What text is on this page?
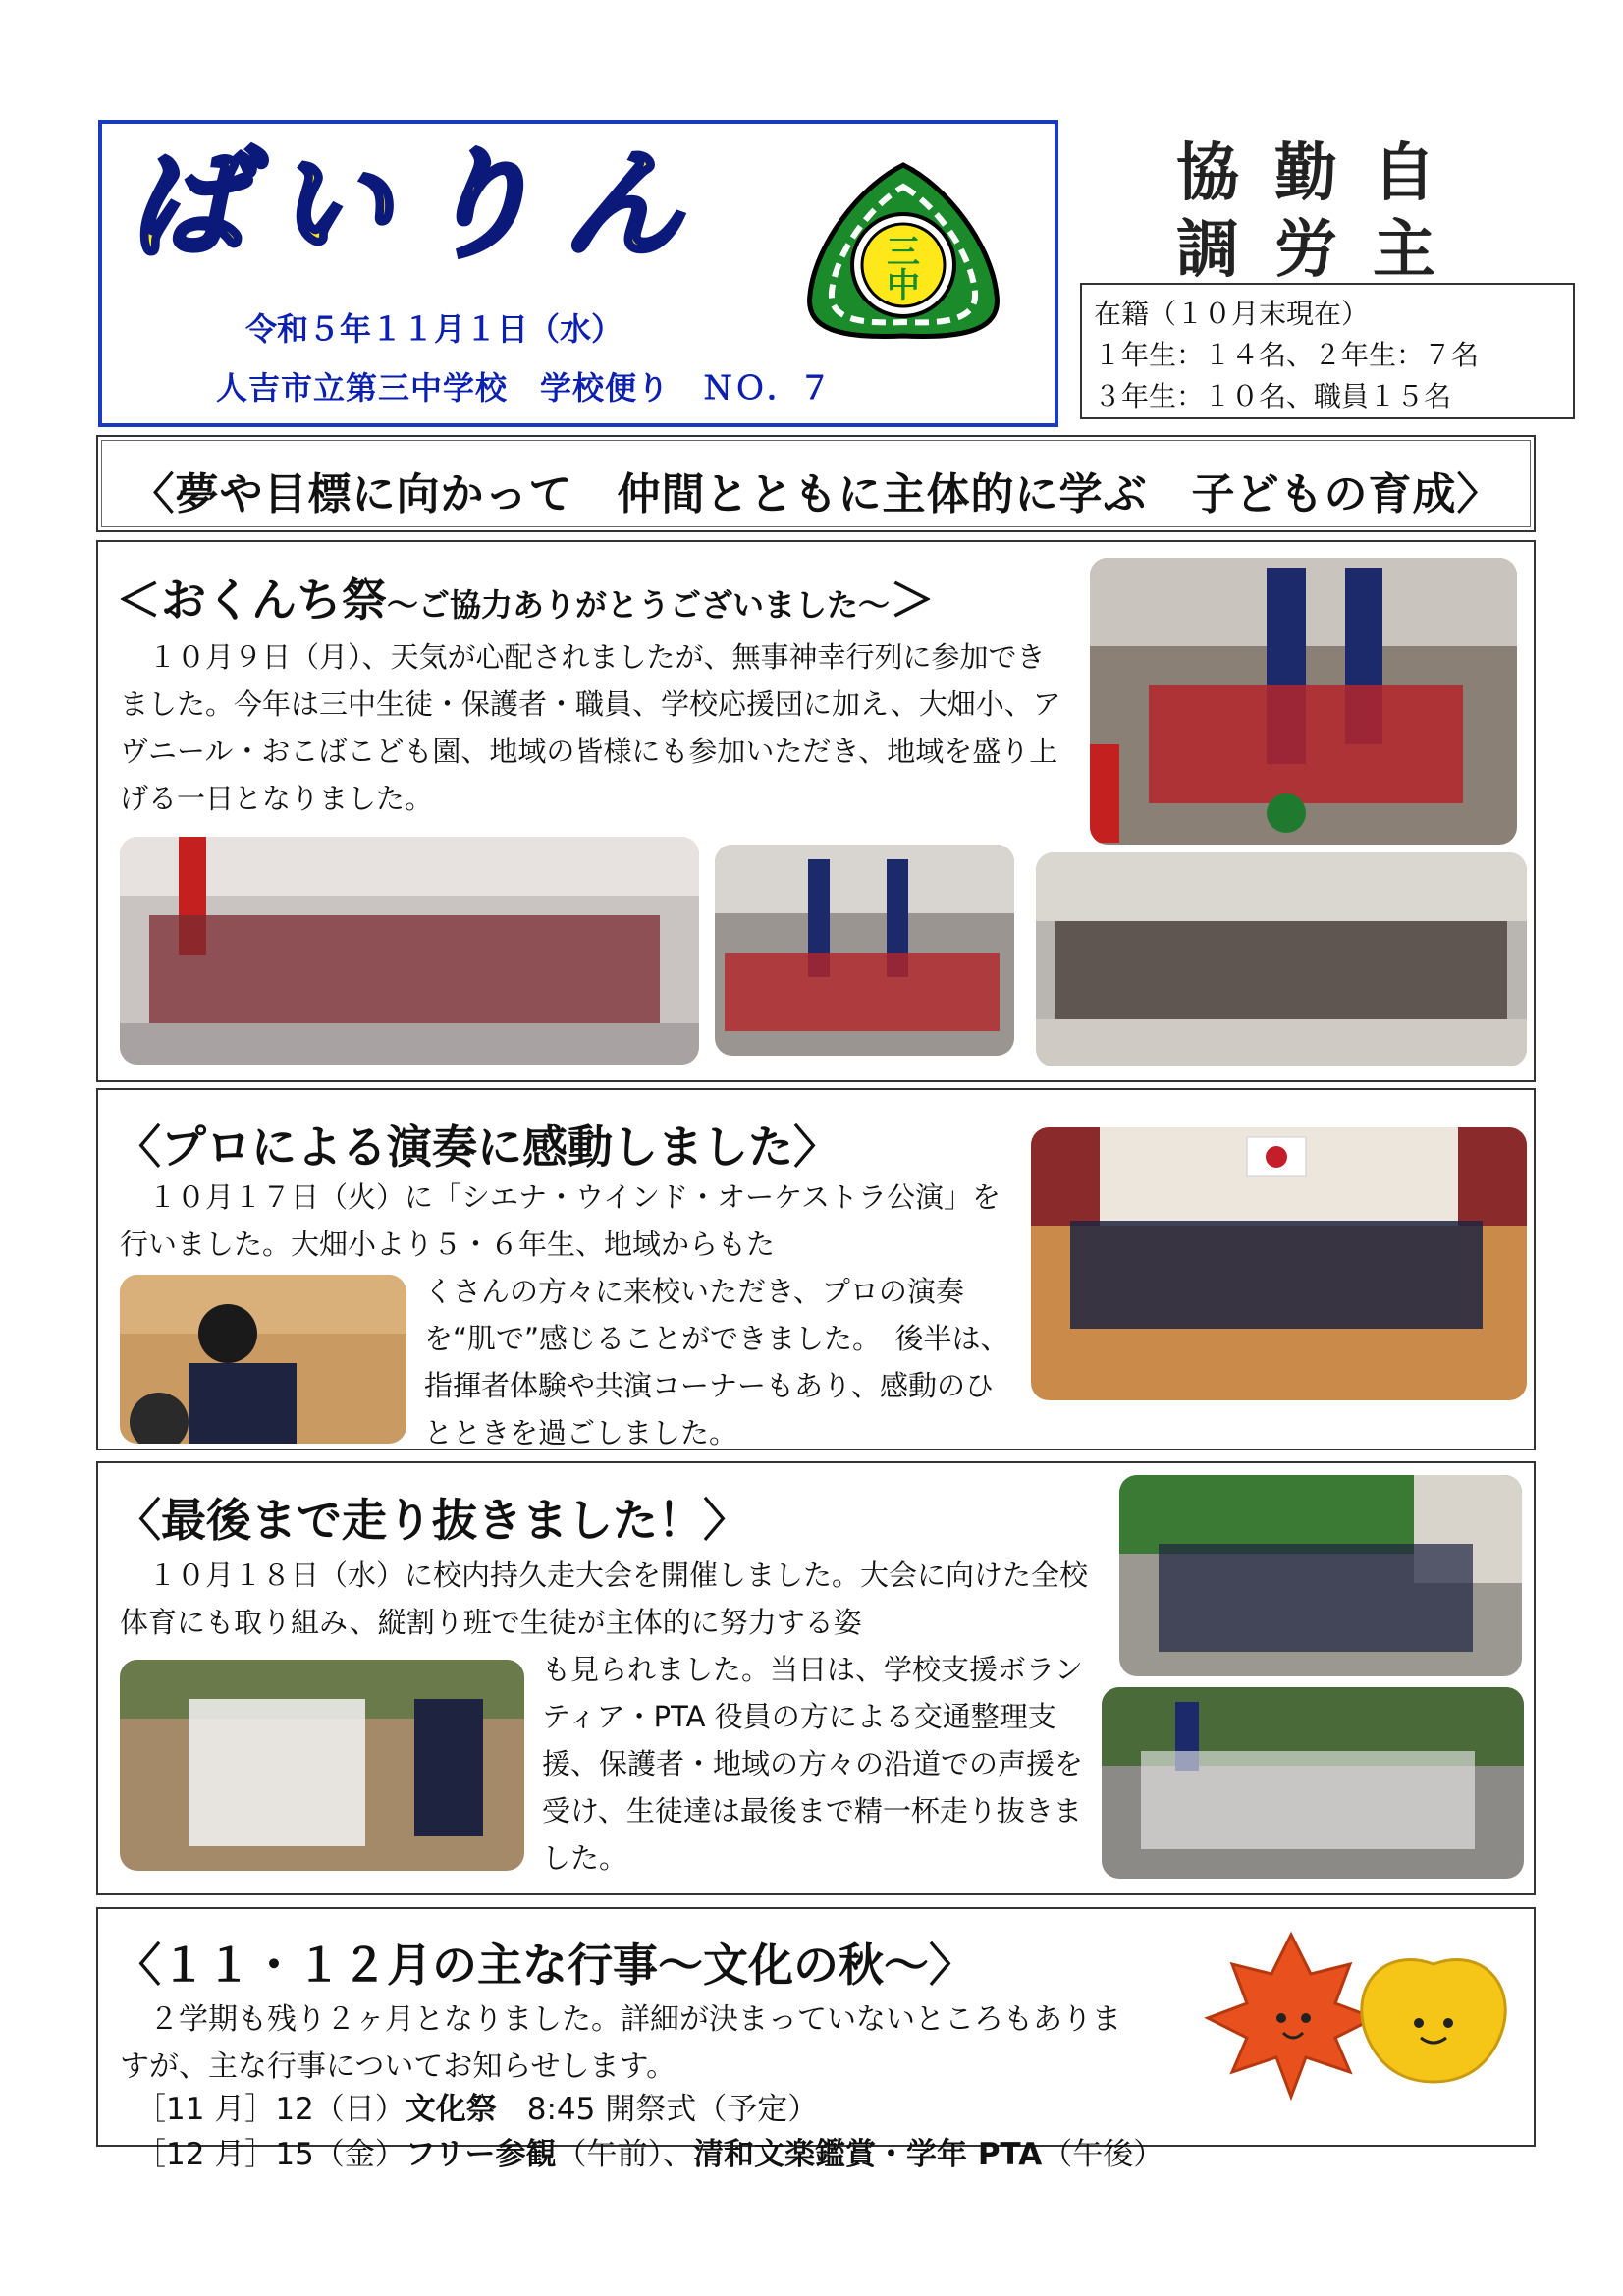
ばいりん
令和５年１１月１日（水）
人吉市立第三中学校　学校便り　ＮＯ．７
三
中
自
主
勤
労
協
調
在籍（１０月末現在）
１年生：１４名、２年生：７名
３年生：１０名、職員１５名
〈夢や目標に向かって　仲間とともに主体的に学ぶ　子どもの育成〉
＜おくんち祭～ご協力ありがとうございました～＞
　１０月９日（月）、天気が心配されましたが、無事神幸行列に参加できました。今年は三中生徒・保護者・職員、学校応援団に加え、大畑小、アヴニール・おこばこども園、地域の皆様にも参加いただき、地域を盛り上げる一日となりました。
〈プロによる演奏に感動しました〉
　１０月１７日（火）に「シエナ・ウインド・オーケストラ公演」を行いました。大畑小より５・６年生、地域からもた
くさんの方々に来校いただき、プロの演奏を“肌で”感じることができました。　後半は、指揮者体験や共演コーナーもあり、感動のひとときを過ごしました。
〈最後まで走り抜きました！〉
　１０月１８日（水）に校内持久走大会を開催しました。大会に向けた全校体育にも取り組み、縦割り班で生徒が主体的に努力する姿
も見られました。当日は、学校支援ボランティア・PTA 役員の方による交通整理支援、保護者・地域の方々の沿道での声援を受け、生徒達は最後まで精一杯走り抜きました。
〈１１・１２月の主な行事～文化の秋～〉
　２学期も残り２ヶ月となりました。詳細が決まっていないところもありますが、主な行事についてお知らせします。
［11 月］12（日）文化祭　8:45 開祭式（予定）
［12 月］15（金）フリー参観（午前）、清和文楽鑑賞・学年 PTA（午後）
